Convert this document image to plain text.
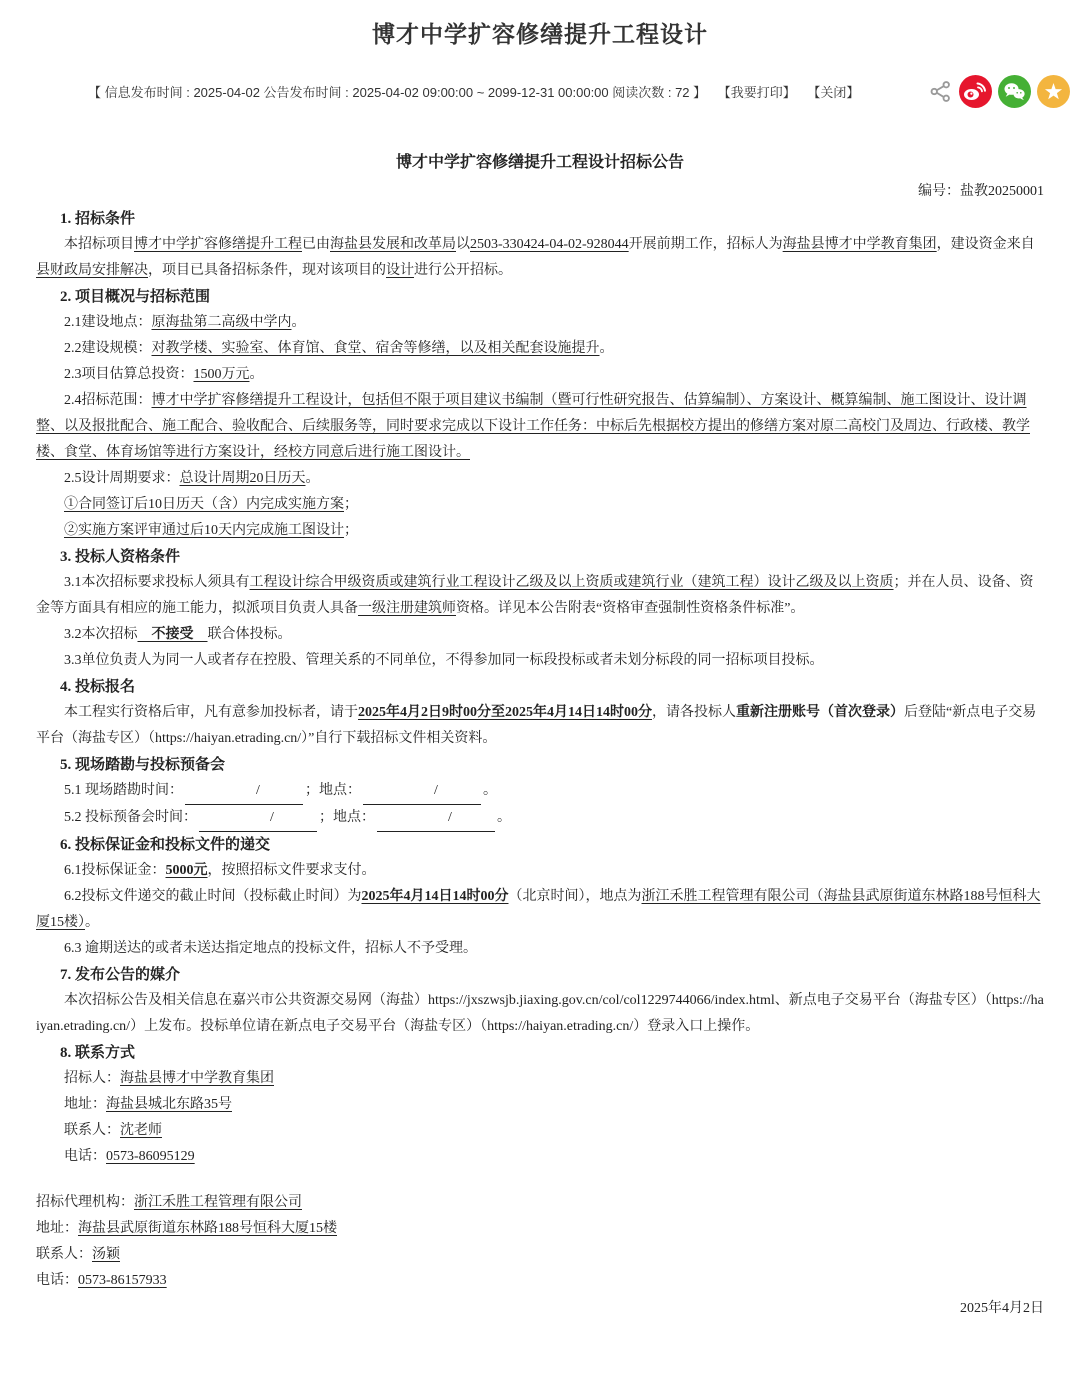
博才中学扩容修缮提升工程设计
【 信息发布时间 : 2025-04-02 公告发布时间 : 2025-04-02 09:00:00 ~ 2099-12-31 00:00:00 阅读次数 : 72 】 【我要打印】 【关闭】
博才中学扩容修缮提升工程设计招标公告
编号：盐教20250001
1. 招标条件
本招标项目博才中学扩容修缮提升工程已由海盐县发展和改革局以2503-330424-04-02-928044开展前期工作，招标人为海盐县博才中学教育集团，建设资金来自县财政局安排解决，项目已具备招标条件，现对该项目的设计进行公开招标。
2. 项目概况与招标范围
2.1建设地点：原海盐第二高级中学内。
2.2建设规模：对教学楼、实验室、体育馆、食堂、宿舍等修缮，以及相关配套设施提升。
2.3项目估算总投资：1500万元。
2.4招标范围：博才中学扩容修缮提升工程设计，包括但不限于项目建议书编制（暨可行性研究报告、估算编制）、方案设计、概算编制、施工图设计、设计调整、以及报批配合、施工配合、验收配合、后续服务等，同时要求完成以下设计工作任务：中标后先根据校方提出的修缮方案对原二高校门及周边、行政楼、教学楼、食堂、体育场馆等进行方案设计，经校方同意后进行施工图设计。
2.5设计周期要求：总设计周期20日历天。
①合同签订后10日历天（含）内完成实施方案；
②实施方案评审通过后10天内完成施工图设计；
3. 投标人资格条件
3.1本次招标要求投标人须具有工程设计综合甲级资质或建筑行业工程设计乙级及以上资质或建筑行业（建筑工程）设计乙级及以上资质；并在人员、设备、资金等方面具有相应的施工能力，拟派项目负责人具备一级注册建筑师资格。详见本公告附表“资格审查强制性资格条件标准”。
3.2本次招标　不接受　联合体投标。
3.3单位负责人为同一人或者存在控股、管理关系的不同单位，不得参加同一标段投标或者未划分标段的同一招标项目投标。
4. 投标报名
本工程实行资格后审，凡有意参加投标者，请于2025年4月2日9时00分至2025年4月14日14时00分，请各投标人重新注册账号（首次登录）后登陆“新点电子交易平台（海盐专区）（https://haiyan.etrading.cn/）”自行下载招标文件相关资料。
5. 现场踏勘与投标预备会
5.1 现场踏勘时间：	/	；地点：	/	。
5.2 投标预备会时间：	/	；地点：	/	。
6. 投标保证金和投标文件的递交
6.1投标保证金：5000元，按照招标文件要求支付。
6.2投标文件递交的截止时间（投标截止时间）为2025年4月14日14时00分（北京时间），地点为浙江禾胜工程管理有限公司（海盐县武原街道东林路188号恒科大厦15楼）。
6.3 逾期送达的或者未送达指定地点的投标文件，招标人不予受理。
7. 发布公告的媒介
本次招标公告及相关信息在嘉兴市公共资源交易网（海盐）https://jxszwsjb.jiaxing.gov.cn/col/col1229744066/index.html、新点电子交易平台（海盐专区）（https://haiyan.etrading.cn/）上发布。投标单位请在新点电子交易平台（海盐专区）（https://haiyan.etrading.cn/）登录入口上操作。
8. 联系方式
招标人：海盐县博才中学教育集团
地址：海盐县城北东路35号
联系人：沈老师
电话：0573-86095129
招标代理机构：浙江禾胜工程管理有限公司
地址：海盐县武原街道东林路188号恒科大厦15楼
联系人：汤颖
电话：0573-86157933
2025年4月2日
